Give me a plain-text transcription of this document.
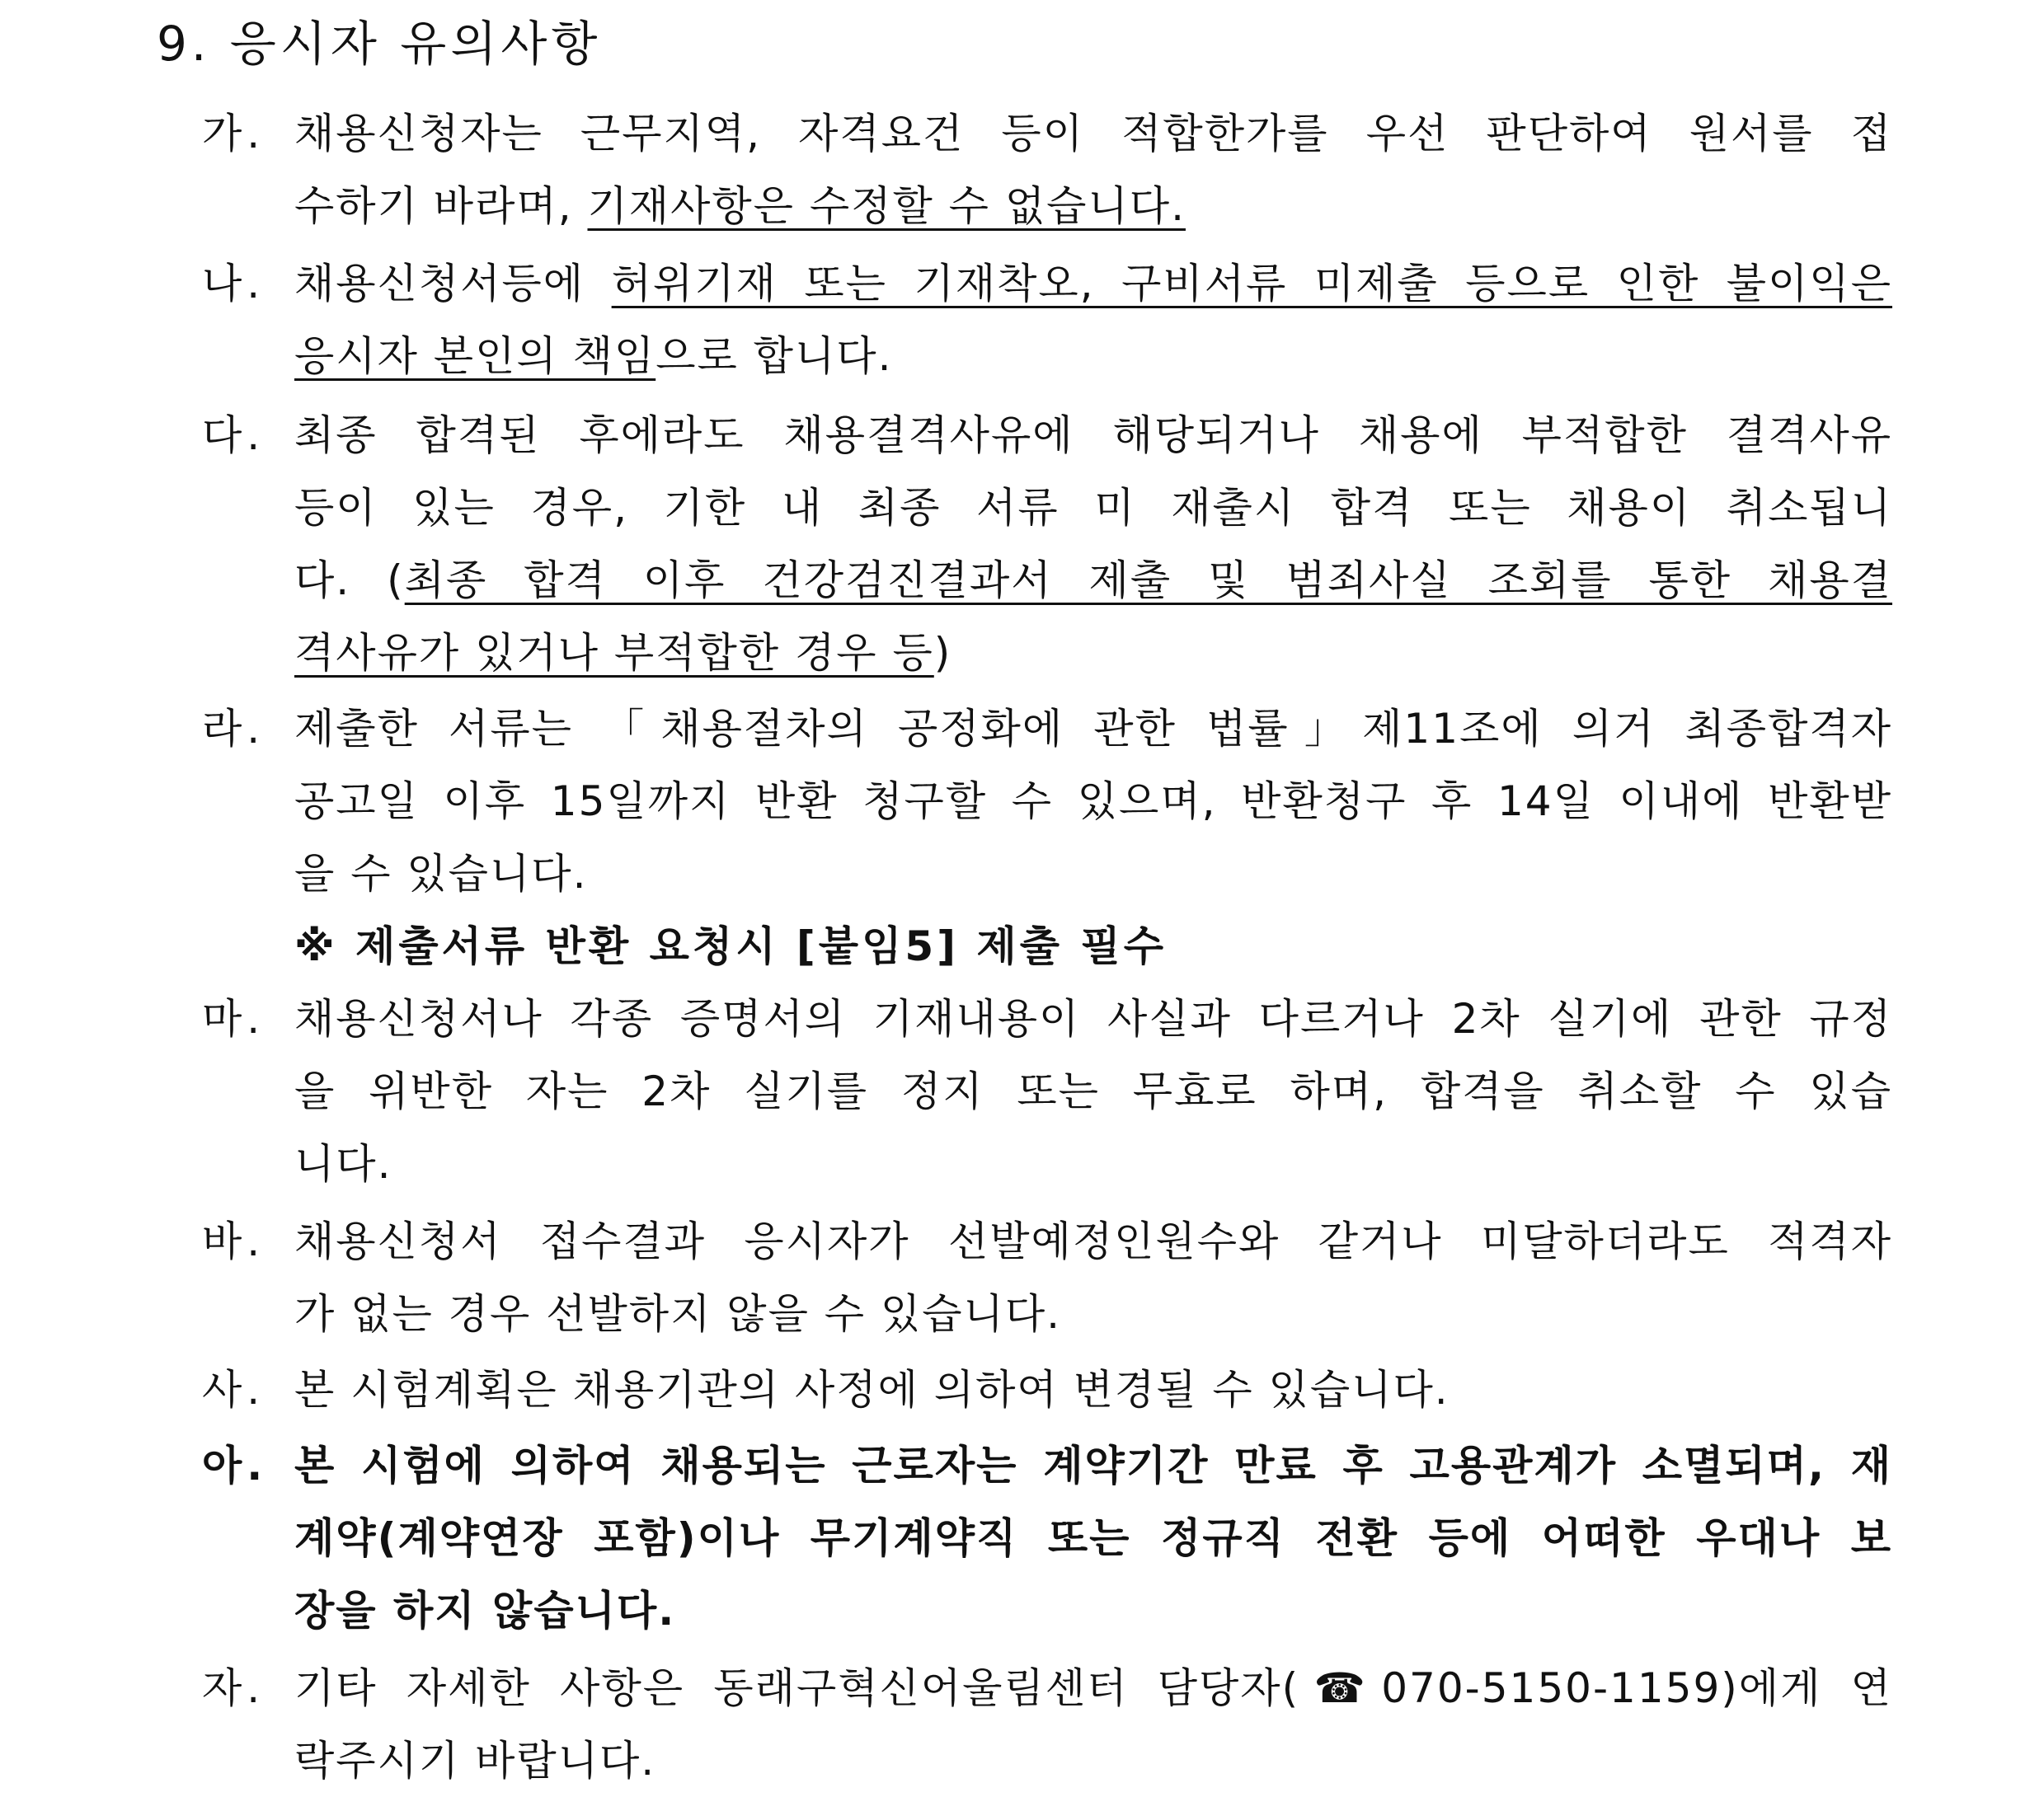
9. 응시자 유의사항
가. 채용신청자는 근무지역, 자격요건 등이 적합한가를 우선 판단하여 원서를 접
수하기 바라며, 기재사항은 수정할 수 없습니다.
나. 채용신청서등에 허위기재 또는 기재착오, 구비서류 미제출 등으로 인한 불이익은
응시자 본인의 책임으로 합니다.
다. 최종 합격된 후에라도 채용결격사유에 해당되거나 채용에 부적합한 결격사유
등이 있는 경우, 기한 내 최종 서류 미 재출시 합격 또는 채용이 취소됩니
다. (최종 합격 이후 건강검진결과서 제출 및 범죄사실 조회를 통한 채용결
격사유가 있거나 부적합한 경우 등)
라. 제출한 서류는 「채용절차의 공정화에 관한 법률」제11조에 의거 최종합격자
공고일 이후 15일까지 반환 청구할 수 있으며, 반환청구 후 14일 이내에 반환받
을 수 있습니다.
※ 제출서류 반환 요청시 [붙임5] 제출 필수
마. 채용신청서나 각종 증명서의 기재내용이 사실과 다르거나 2차 실기에 관한 규정
을 위반한 자는 2차 실기를 정지 또는 무효로 하며, 합격을 취소할 수 있습
니다.
바. 채용신청서 접수결과 응시자가 선발예정인원수와 같거나 미달하더라도 적격자
가 없는 경우 선발하지 않을 수 있습니다.
사. 본 시험계획은 채용기관의 사정에 의하여 변경될 수 있습니다.
아. 본 시험에 의하여 채용되는 근로자는 계약기간 만료 후 고용관계가 소멸되며, 재
계약(계약연장 포함)이나 무기계약직 또는 정규직 전환 등에 어떠한 우대나 보
장을 하지 않습니다.
자. 기타 자세한 사항은 동래구혁신어울림센터 담당자(☎070-5150-1159)에게 연
락주시기 바랍니다.
